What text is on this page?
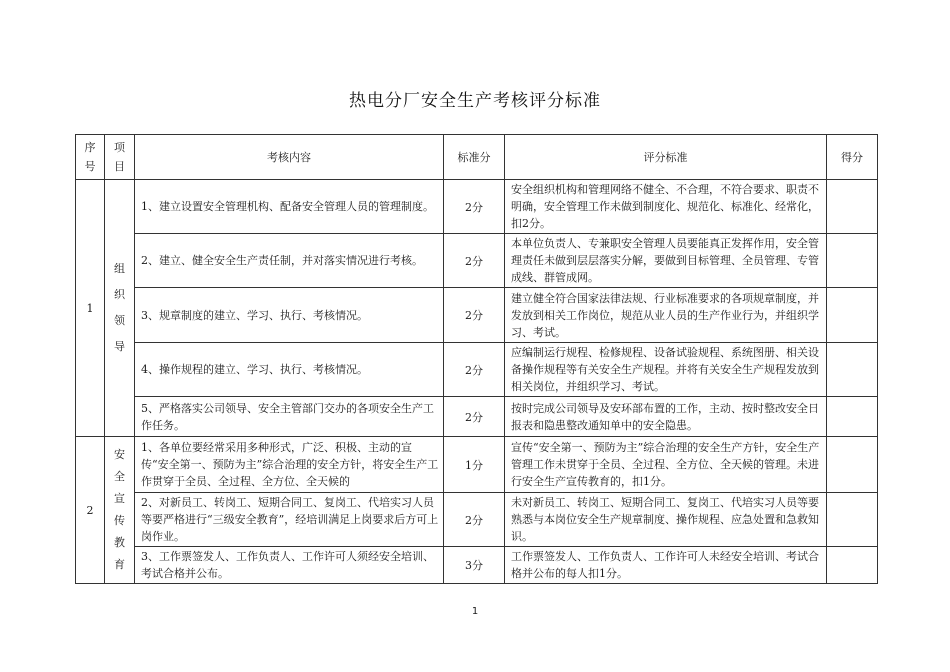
热电分厂安全生产考核评分标准
序号	项目	考核内容	标准分	评分标准	得分
1	组织领导	1、建立设置安全管理机构、配备安全管理人员的管理制度。	2分	安全组织机构和管理网络不健全、不合理，不符合要求、职责不明确，安全管理工作未做到制度化、规范化、标准化、经常化，扣2分。	
		2、建立、健全安全生产责任制，并对落实情况进行考核。	2分	本单位负责人、专兼职安全管理人员要能真正发挥作用，安全管理责任未做到层层落实分解，要做到目标管理、全员管理、专管成线、群管成网。	
		3、规章制度的建立、学习、执行、考核情况。	2分	建立健全符合国家法律法规、行业标准要求的各项规章制度，并发放到相关工作岗位，规范从业人员的生产作业行为，并组织学习、考试。	
		4、操作规程的建立、学习、执行、考核情况。	2分	应编制运行规程、检修规程、设备试验规程、系统图册、相关设备操作规程等有关安全生产规程。并将有关安全生产规程发放到相关岗位，并组织学习、考试。	
		5、严格落实公司领导、安全主管部门交办的各项安全生产工作任务。	2分	按时完成公司领导及安环部布置的工作，主动、按时整改安全日报表和隐患整改通知单中的安全隐患。	
2	安全宣传教育	1、各单位要经常采用多种形式，广泛、积极、主动的宣传“安全第一、预防为主”综合治理的安全方针，将安全生产工作贯穿于全员、全过程、全方位、全天候的	1分	宣传“安全第一、预防为主”综合治理的安全生产方针，安全生产管理工作未贯穿于全员、全过程、全方位、全天候的管理。未进行安全生产宣传教育的，扣1分。	
		2、对新员工、转岗工、短期合同工、复岗工、代培实习人员等要严格进行“三级安全教育”，经培训满足上岗要求后方可上岗作业。	2分	未对新员工、转岗工、短期合同工、复岗工、代培实习人员等要熟悉与本岗位安全生产规章制度、操作规程、应急处置和急救知识。	
		3、工作票签发人、工作负责人、工作许可人须经安全培训、考试合格并公布。	3分	工作票签发人、工作负责人、工作许可人未经安全培训、考试合格并公布的每人扣1分。	
1
